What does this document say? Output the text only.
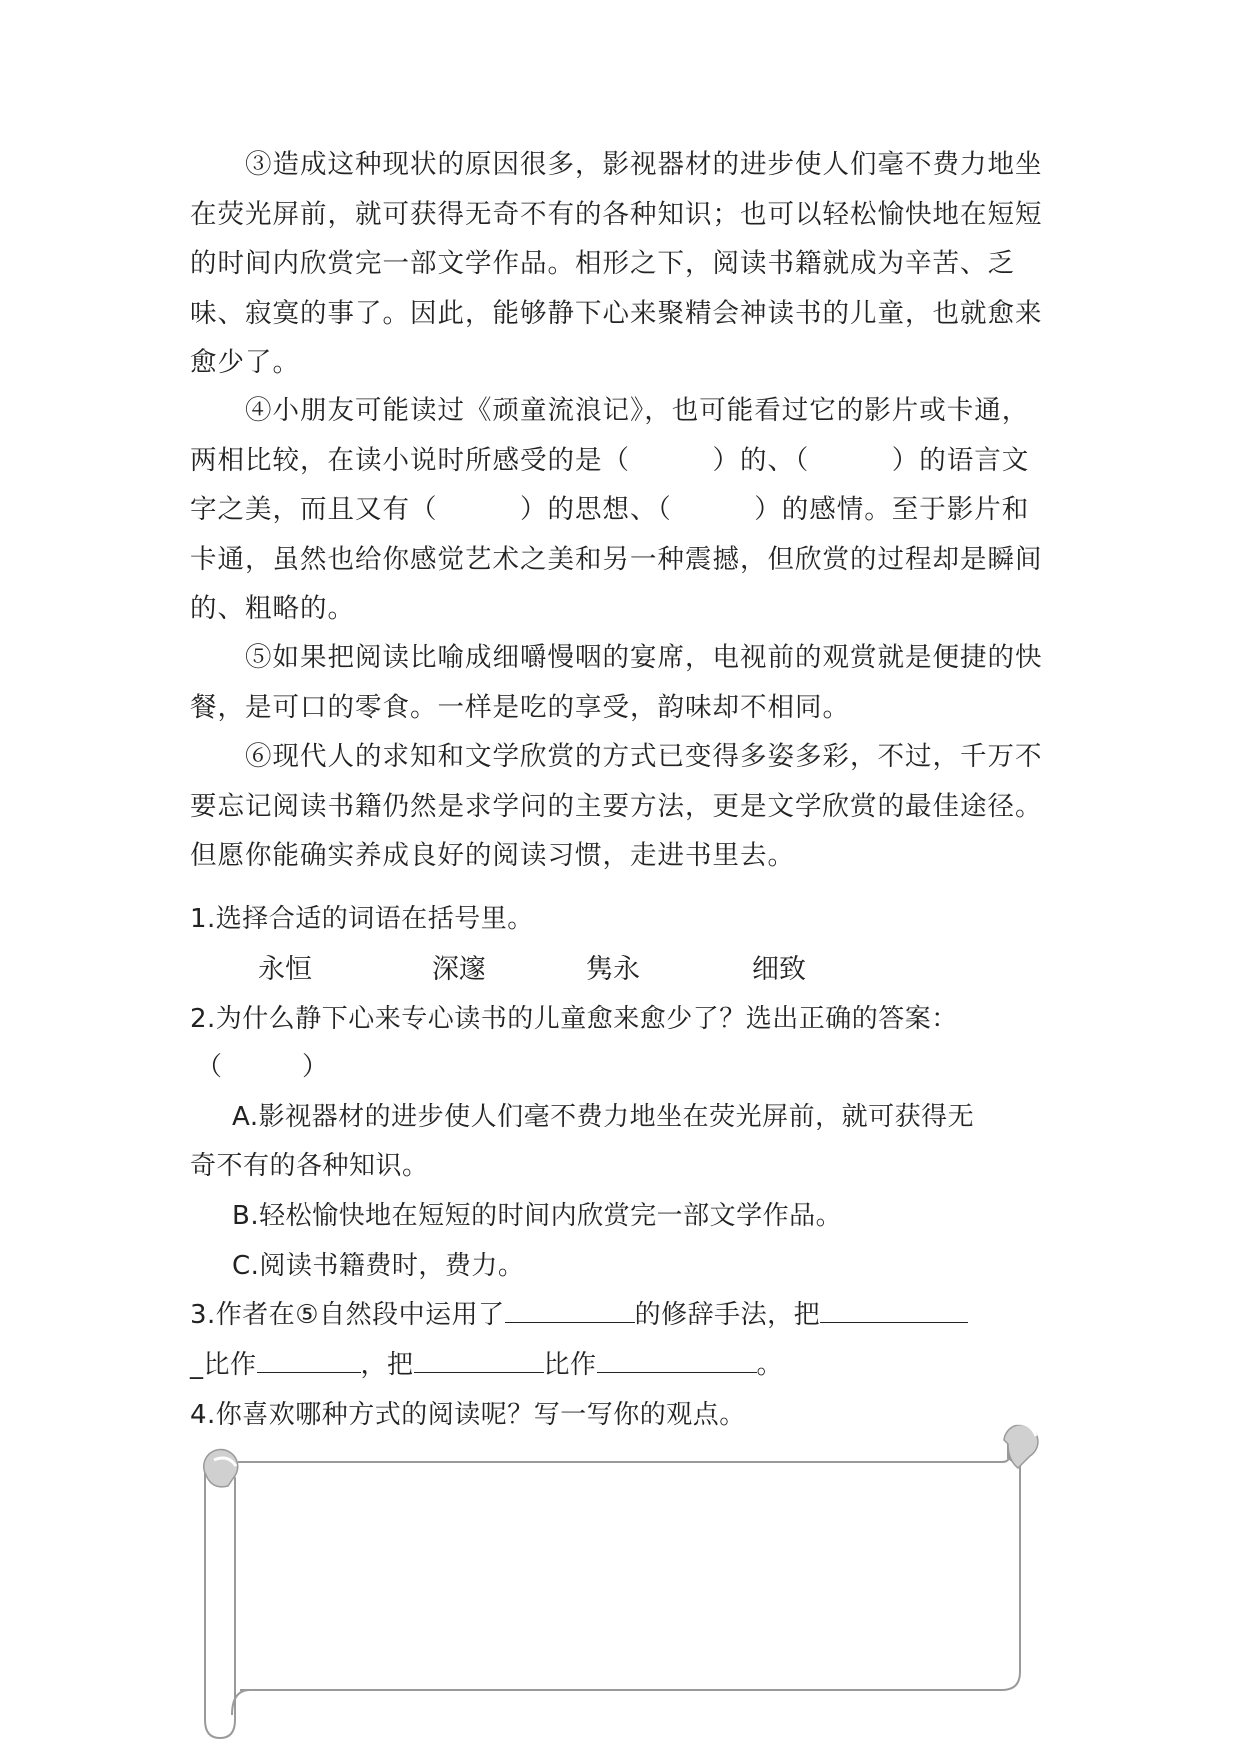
③造成这种现状的原因很多，影视器材的进步使人们毫不费力地坐在荧光屏前，就可获得无奇不有的各种知识；也可以轻松愉快地在短短的时间内欣赏完一部文学作品。相形之下，阅读书籍就成为辛苦、乏味、寂寞的事了。因此，能够静下心来聚精会神读书的儿童，也就愈来愈少了。

④小朋友可能读过《顽童流浪记》，也可能看过它的影片或卡通，两相比较，在读小说时所感受的是（　　　）的、（　　　）的语言文字之美，而且又有（　　　）的思想、（　　　）的感情。至于影片和卡通，虽然也给你感觉艺术之美和另一种震撼，但欣赏的过程却是瞬间的、粗略的。

⑤如果把阅读比喻成细嚼慢咽的宴席，电视前的观赏就是便捷的快餐，是可口的零食。一样是吃的享受，韵味却不相同。

⑥现代人的求知和文学欣赏的方式已变得多姿多彩，不过，千万不要忘记阅读书籍仍然是求学问的主要方法，更是文学欣赏的最佳途径。但愿你能确实养成良好的阅读习惯，走进书里去。

1.选择合适的词语在括号里。
永恒	深邃	隽永	细致
2.为什么静下心来专心读书的儿童愈来愈少了？选出正确的答案：
（　　　）
A.影视器材的进步使人们毫不费力地坐在荧光屏前，就可获得无
奇不有的各种知识。
B.轻松愉快地在短短的时间内欣赏完一部文学作品。
C.阅读书籍费时，费力。
3.作者在⑤自然段中运用了	的修辞手法，把
_比作	，把	比作	。
4.你喜欢哪种方式的阅读呢？写一写你的观点。
